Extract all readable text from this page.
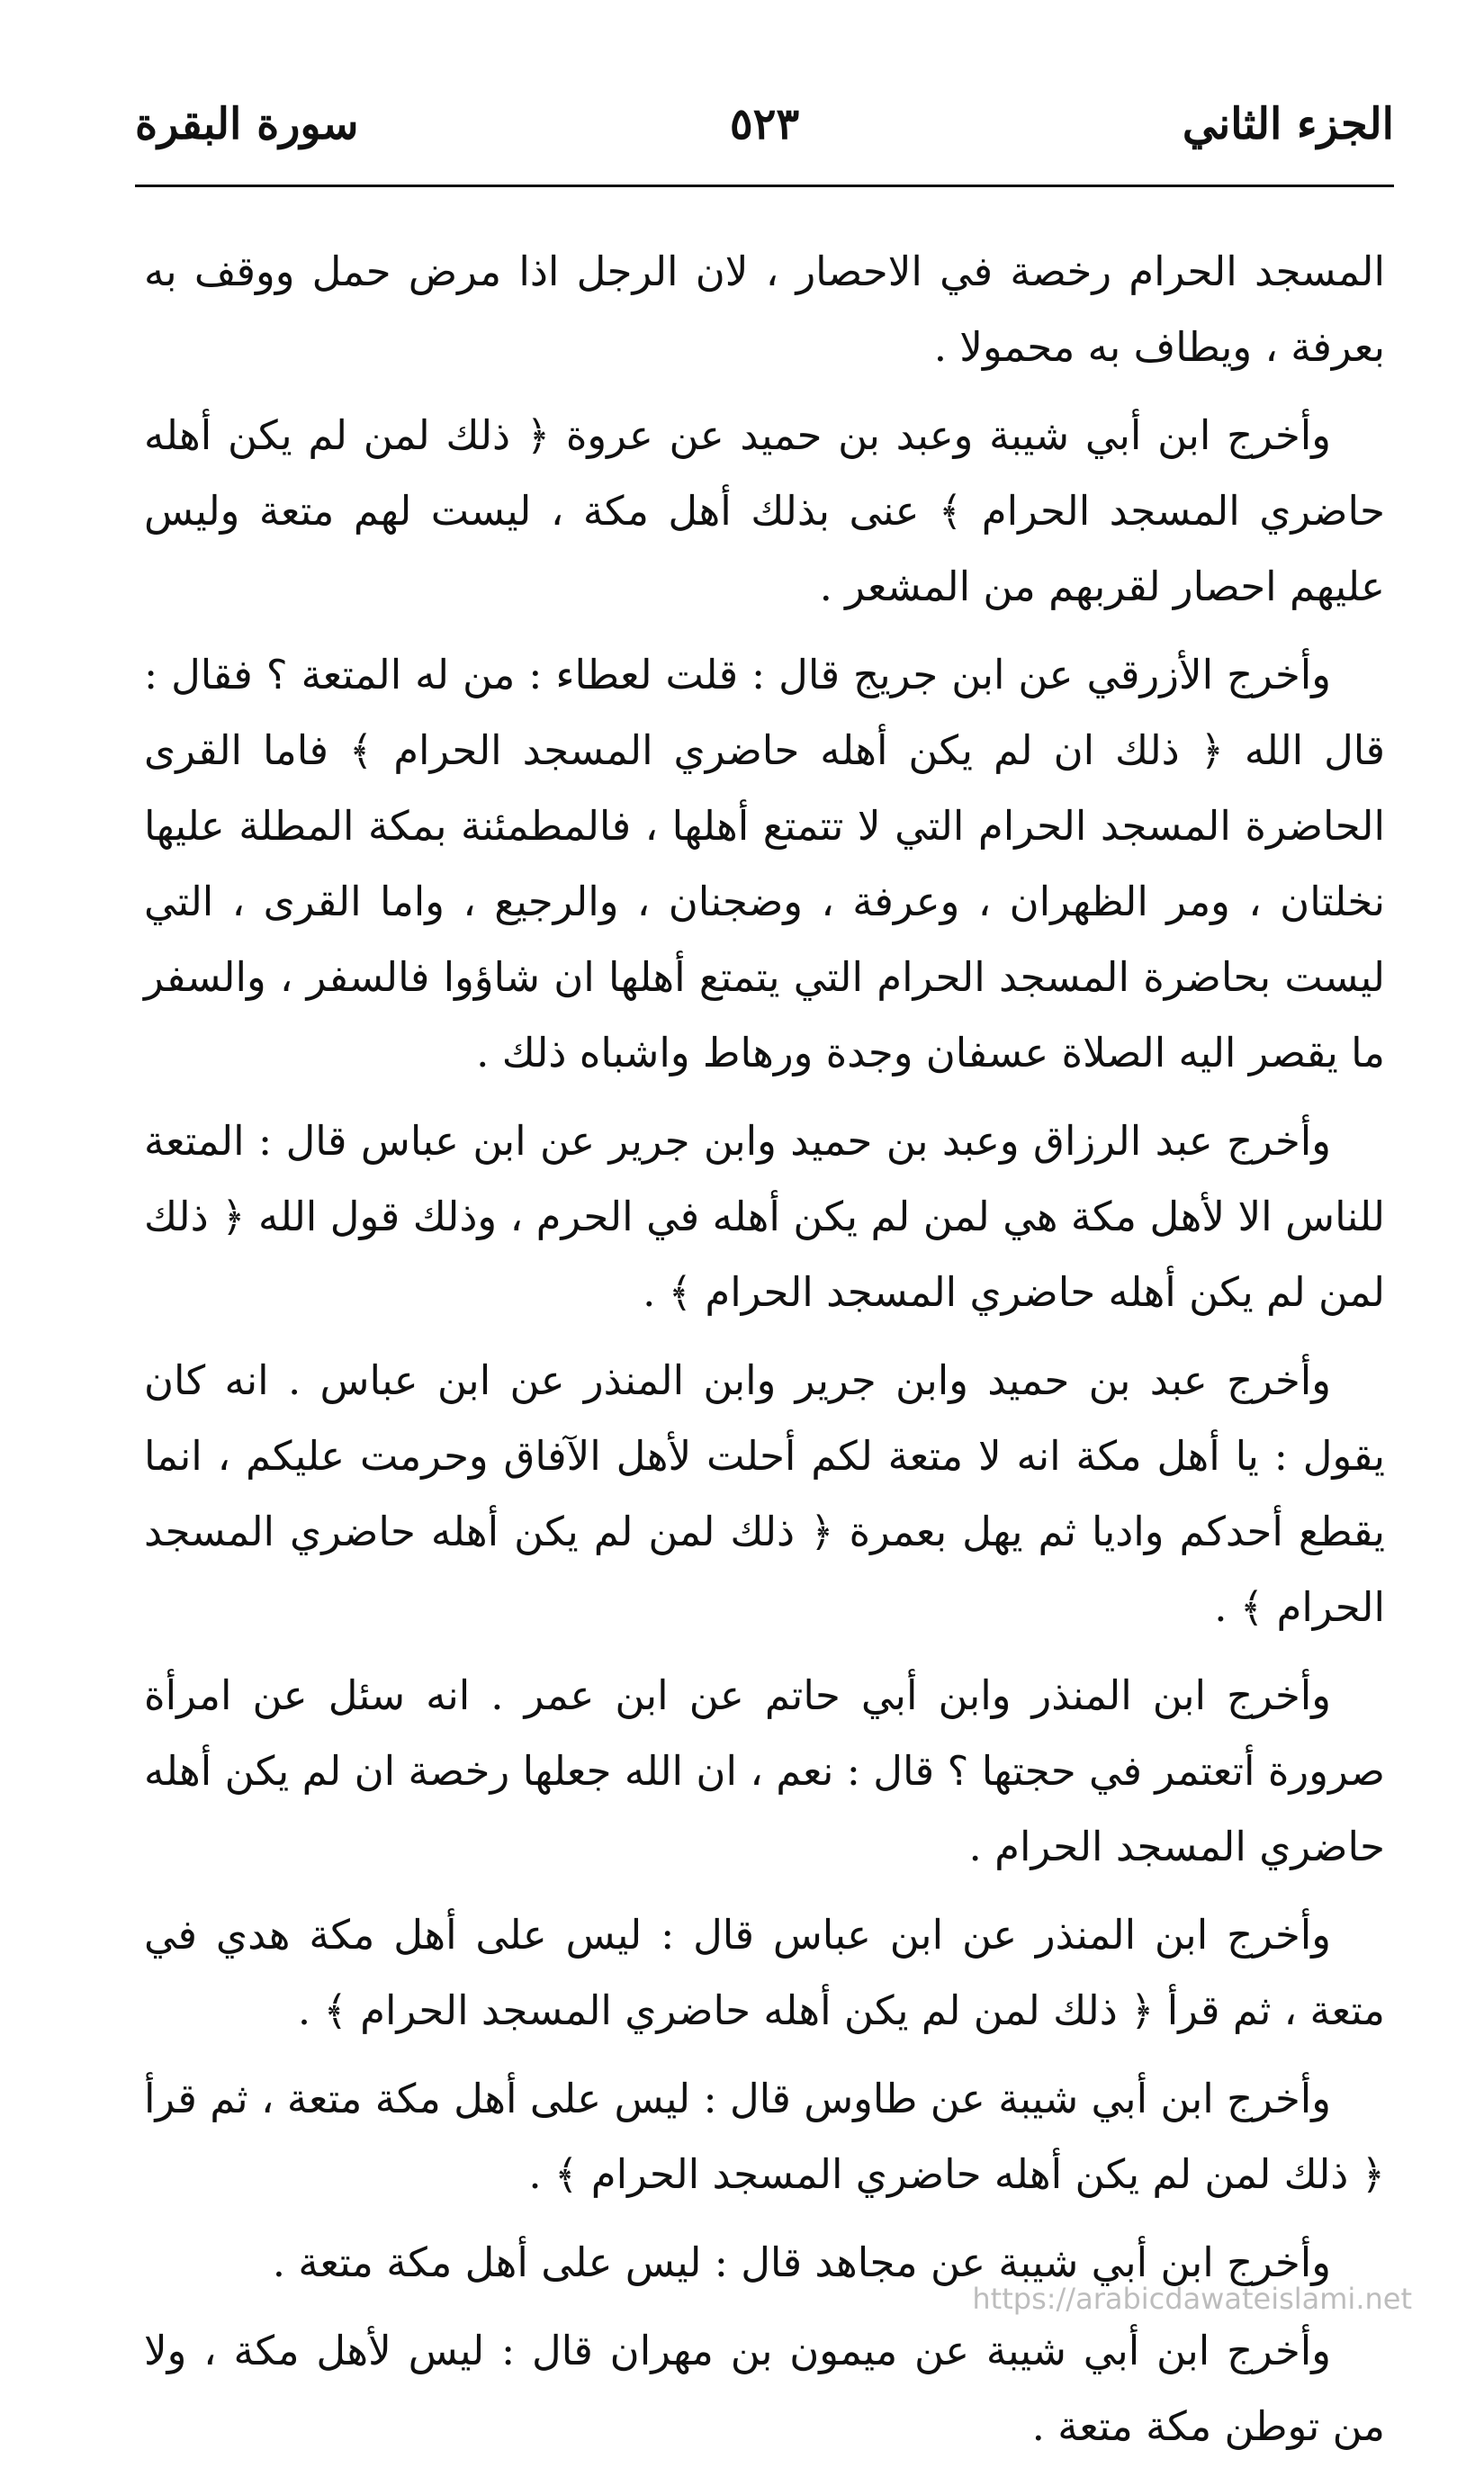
الجزء الثاني
٥٢٣
سورة البقرة

المسجد الحرام رخصة في الاحصار ، لان الرجل اذا مرض حمل ووقف به بعرفة ، ويطاف به محمولا .

وأخرج ابن أبي شيبة وعبد بن حميد عن عروة ﴿ ذلك لمن لم يكن أهله حاضري المسجد الحرام ﴾ عنى بذلك أهل مكة ، ليست لهم متعة وليس عليهم احصار لقربهم من المشعر .

وأخرج الأزرقي عن ابن جريج قال : قلت لعطاء : من له المتعة ؟ فقال : قال الله ﴿ ذلك ان لم يكن أهله حاضري المسجد الحرام ﴾ فاما القرى الحاضرة المسجد الحرام التي لا تتمتع أهلها ، فالمطمئنة بمكة المطلة عليها نخلتان ، ومر الظهران ، وعرفة ، وضجنان ، والرجيع ، واما القرى ، التي ليست بحاضرة المسجد الحرام التي يتمتع أهلها ان شاؤوا فالسفر ، والسفر ما يقصر اليه الصلاة عسفان وجدة ورهاط واشباه ذلك .

وأخرج عبد الرزاق وعبد بن حميد وابن جرير عن ابن عباس قال : المتعة للناس الا لأهل مكة هي لمن لم يكن أهله في الحرم ، وذلك قول الله ﴿ ذلك لمن لم يكن أهله حاضري المسجد الحرام ﴾ .

وأخرج عبد بن حميد وابن جرير وابن المنذر عن ابن عباس . انه كان يقول : يا أهل مكة انه لا متعة لكم أحلت لأهل الآفاق وحرمت عليكم ، انما يقطع أحدكم واديا ثم يهل بعمرة ﴿ ذلك لمن لم يكن أهله حاضري المسجد الحرام ﴾ .

وأخرج ابن المنذر وابن أبي حاتم عن ابن عمر . انه سئل عن امرأة صرورة أتعتمر في حجتها ؟ قال : نعم ، ان الله جعلها رخصة ان لم يكن أهله حاضري المسجد الحرام .

وأخرج ابن المنذر عن ابن عباس قال : ليس على أهل مكة هدي في متعة ، ثم قرأ ﴿ ذلك لمن لم يكن أهله حاضري المسجد الحرام ﴾ .

وأخرج ابن أبي شيبة عن طاوس قال : ليس على أهل مكة متعة ، ثم قرأ ﴿ ذلك لمن لم يكن أهله حاضري المسجد الحرام ﴾ .

وأخرج ابن أبي شيبة عن مجاهد قال : ليس على أهل مكة متعة .

وأخرج ابن أبي شيبة عن ميمون بن مهران قال : ليس لأهل مكة ، ولا من توطن مكة متعة .

https://arabicdawateislami.net
